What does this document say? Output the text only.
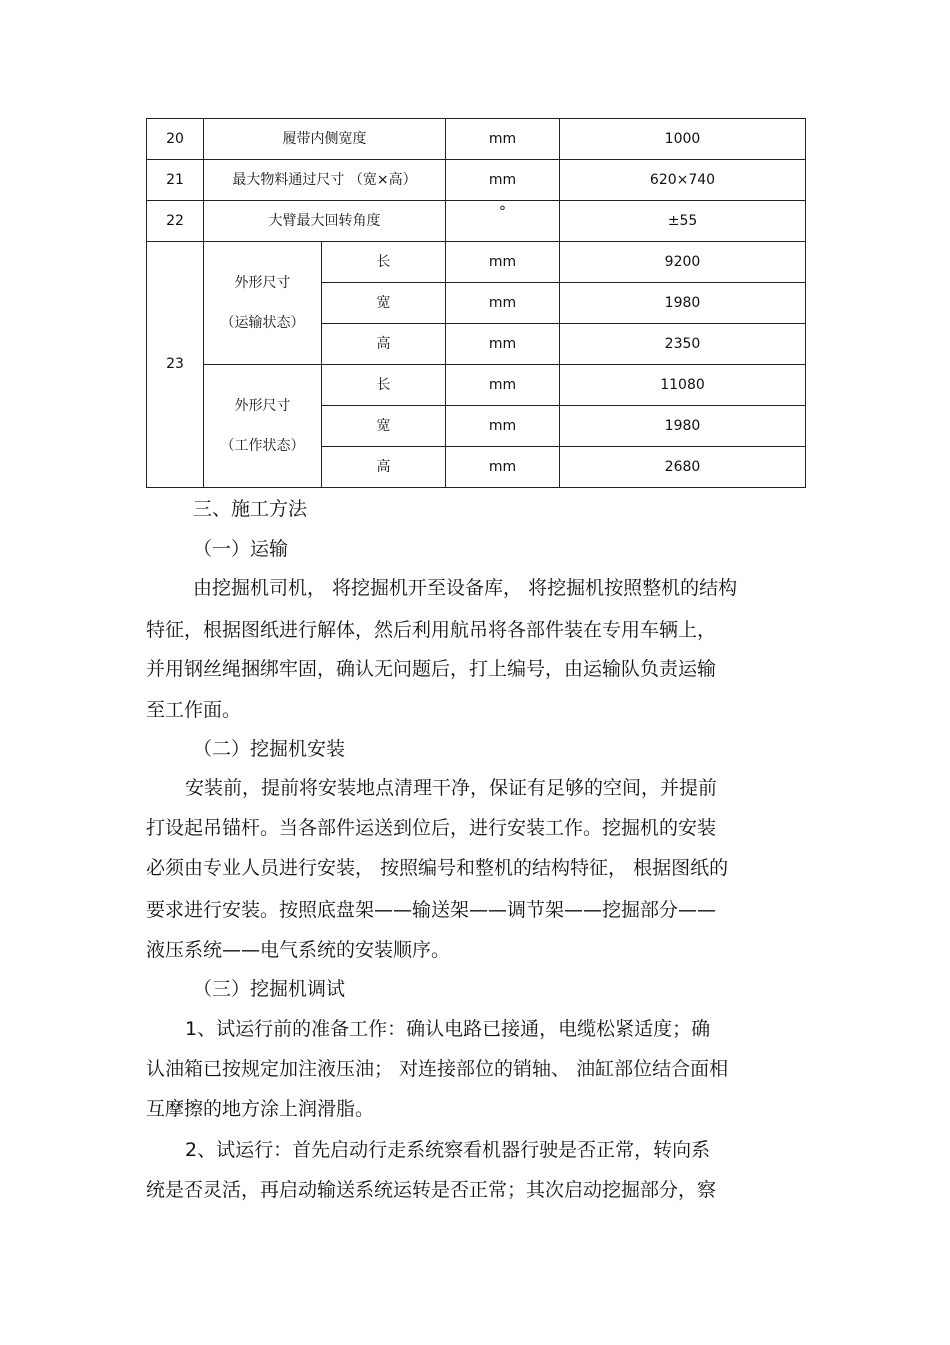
20	履带内侧宽度		mm	1000
21	最大物料通过尺寸 （宽×高）		mm	620×740
22	大臂最大回转角度		°	±55
23	外形尺寸
（运输状态）	长	mm	9200
		宽	mm	1980
		高	mm	2350

	外形尺寸
（工作状态）	长	mm	11080
		宽	mm	1980
		高	mm	2680
三、施工方法
（一）运输
由挖掘机司机， 将挖掘机开至设备库， 将挖掘机按照整机的结构
特征，根据图纸进行解体，然后利用航吊将各部件装在专用车辆上，
并用钢丝绳捆绑牢固，确认无问题后，打上编号，由运输队负责运输
至工作面。
（二）挖掘机安装
安装前，提前将安装地点清理干净，保证有足够的空间，并提前
打设起吊锚杆。当各部件运送到位后，进行安装工作。挖掘机的安装
必须由专业人员进行安装， 按照编号和整机的结构特征， 根据图纸的
要求进行安装。按照底盘架——输送架——调节架——挖掘部分——
液压系统——电气系统的安装顺序。
（三）挖掘机调试
1、试运行前的准备工作：确认电路已接通，电缆松紧适度；确
认油箱已按规定加注液压油； 对连接部位的销轴、 油缸部位结合面相
互摩擦的地方涂上润滑脂。
2、试运行：首先启动行走系统察看机器行驶是否正常，转向系
统是否灵活，再启动输送系统运转是否正常；其次启动挖掘部分，察
